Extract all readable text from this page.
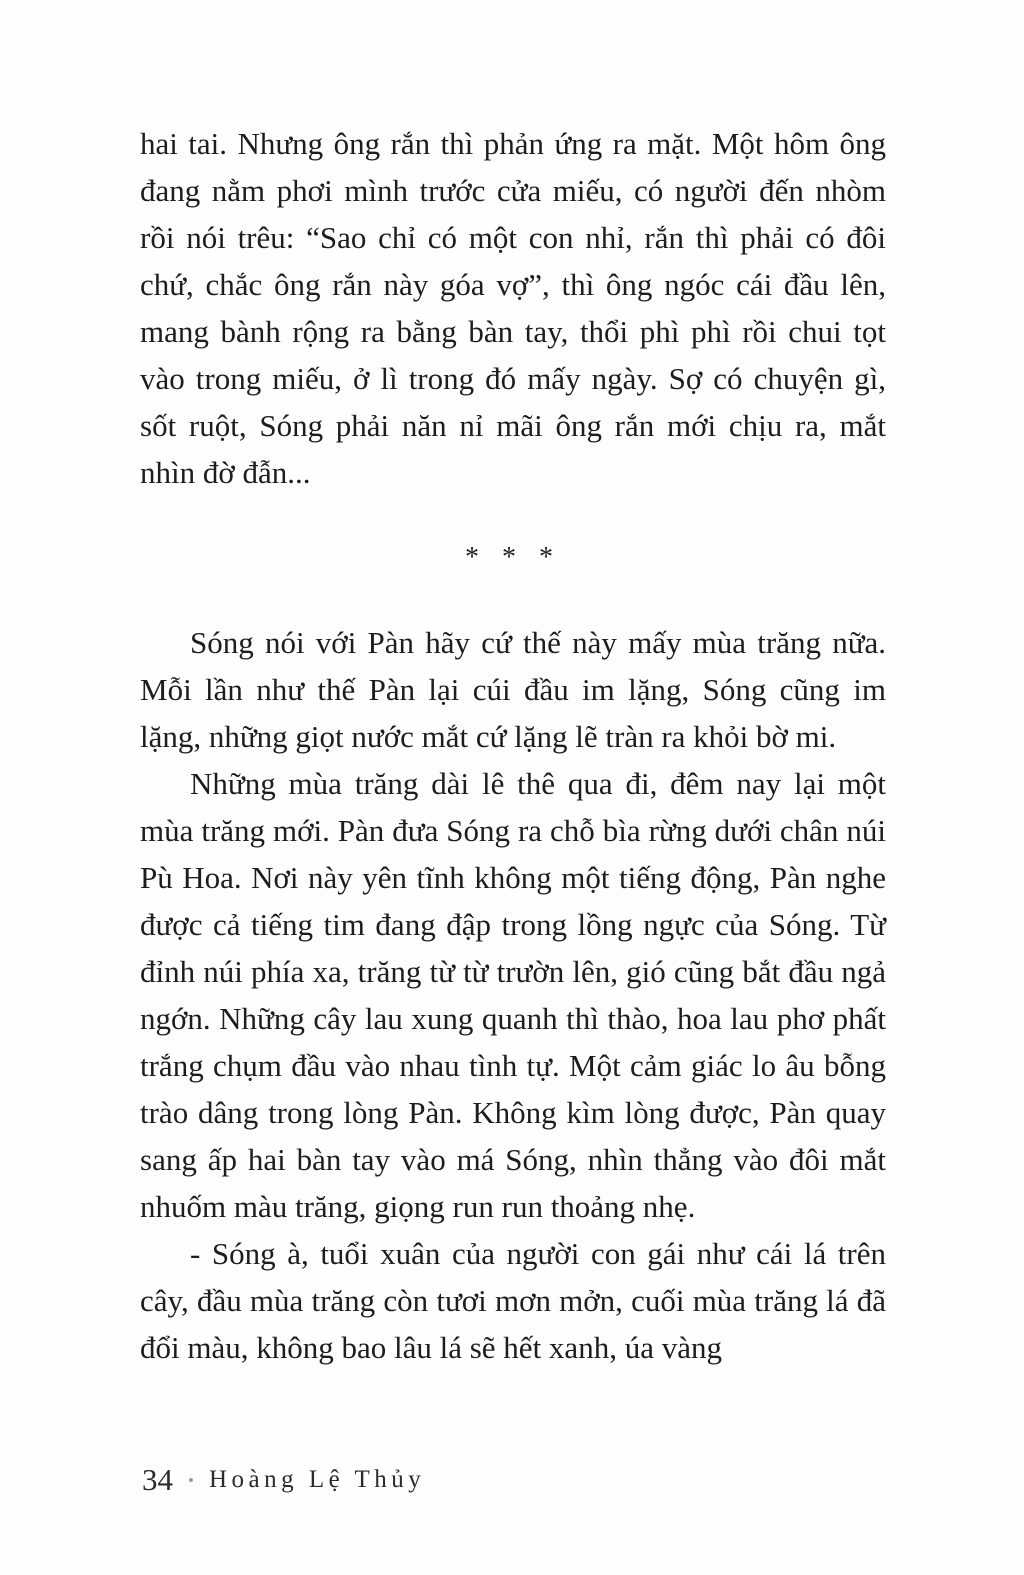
hai tai. Nhưng ông rắn thì phản ứng ra mặt. Một hôm ông đang nằm phơi mình trước cửa miếu, có người đến nhòm rồi nói trêu: “Sao chỉ có một con nhỉ, rắn thì phải có đôi chứ, chắc ông rắn này góa vợ”, thì ông ngóc cái đầu lên, mang bành rộng ra bằng bàn tay, thổi phì phì rồi chui tọt vào trong miếu, ở lì trong đó mấy ngày. Sợ có chuyện gì, sốt ruột, Sóng phải năn nỉ mãi ông rắn mới chịu ra, mắt nhìn đờ đẫn...

* * *

Sóng nói với Pàn hãy cứ thế này mấy mùa trăng nữa. Mỗi lần như thế Pàn lại cúi đầu im lặng, Sóng cũng im lặng, những giọt nước mắt cứ lặng lẽ tràn ra khỏi bờ mi.

Những mùa trăng dài lê thê qua đi, đêm nay lại một mùa trăng mới. Pàn đưa Sóng ra chỗ bìa rừng dưới chân núi Pù Hoa. Nơi này yên tĩnh không một tiếng động, Pàn nghe được cả tiếng tim đang đập trong lồng ngực của Sóng. Từ đỉnh núi phía xa, trăng từ từ trườn lên, gió cũng bắt đầu ngả ngớn. Những cây lau xung quanh thì thào, hoa lau phơ phất trắng chụm đầu vào nhau tình tự. Một cảm giác lo âu bỗng trào dâng trong lòng Pàn. Không kìm lòng được, Pàn quay sang ấp hai bàn tay vào má Sóng, nhìn thẳng vào đôi mắt nhuốm màu trăng, giọng run run thoảng nhẹ.

- Sóng à, tuổi xuân của người con gái như cái lá trên cây, đầu mùa trăng còn tươi mơn mởn, cuối mùa trăng lá đã đổi màu, không bao lâu lá sẽ hết xanh, úa vàng

34 • Hoàng Lệ Thủy
